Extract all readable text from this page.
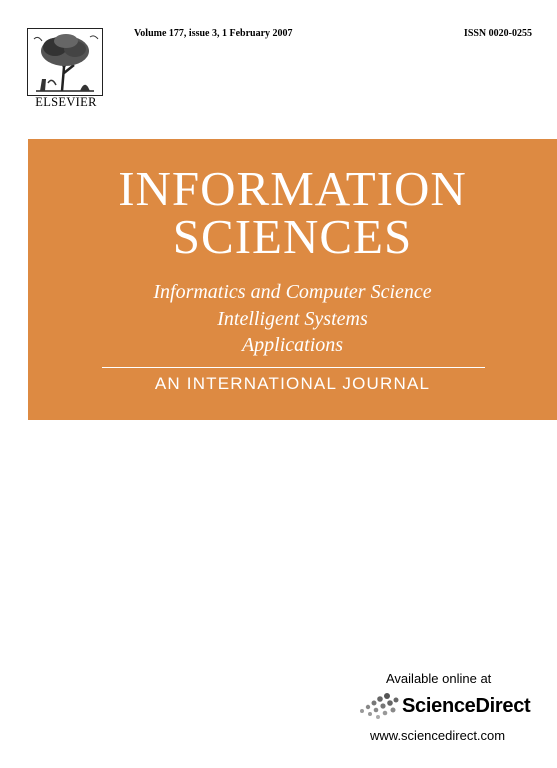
ELSEVIER
Volume 177, issue 3, 1 February 2007	ISSN 0020-0255
INFORMATION
SCIENCES
Informatics and Computer Science
Intelligent Systems
Applications
AN INTERNATIONAL JOURNAL
Available online at
ScienceDirect
www.sciencedirect.com
